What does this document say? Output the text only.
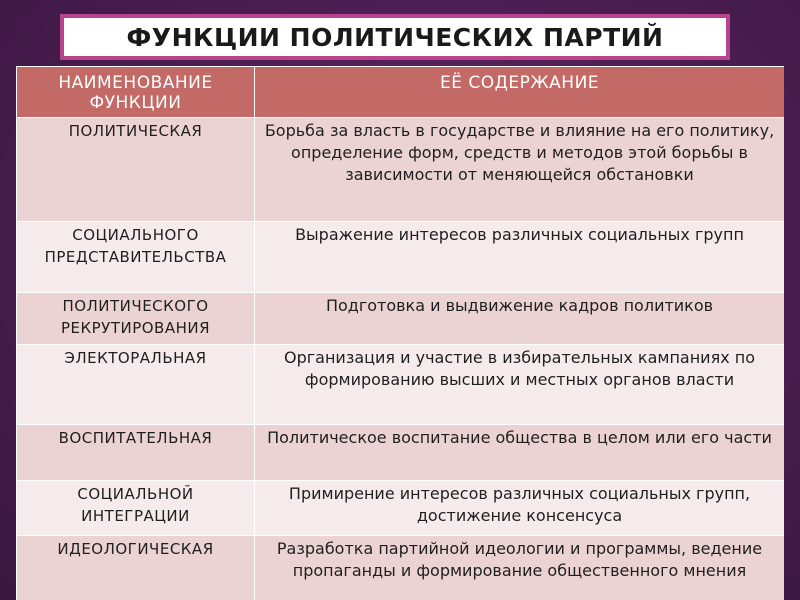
ФУНКЦИИ ПОЛИТИЧЕСКИХ ПАРТИЙ
НАИМЕНОВАНИЕ ФУНКЦИИ	ЕЁ СОДЕРЖАНИЕ
ПОЛИТИЧЕСКАЯ	Борьба за власть в государстве и влияние на его политику, определение форм, средств и методов этой борьбы в зависимости от меняющейся обстановки
СОЦИАЛЬНОГО ПРЕДСТАВИТЕЛЬСТВА	Выражение интересов различных социальных групп
ПОЛИТИЧЕСКОГО РЕКРУТИРОВАНИЯ	Подготовка и выдвижение кадров политиков
ЭЛЕКТОРАЛЬНАЯ	Организация и участие в избирательных кампаниях по формированию высших и местных органов власти
ВОСПИТАТЕЛЬНАЯ	Политическое воспитание общества в целом или его части
СОЦИАЛЬНОЙ ИНТЕГРАЦИИ	Примирение интересов различных социальных групп, достижение консенсуса
ИДЕОЛОГИЧЕСКАЯ	Разработка партийной идеологии и программы, ведение пропаганды и формирование общественного мнения
